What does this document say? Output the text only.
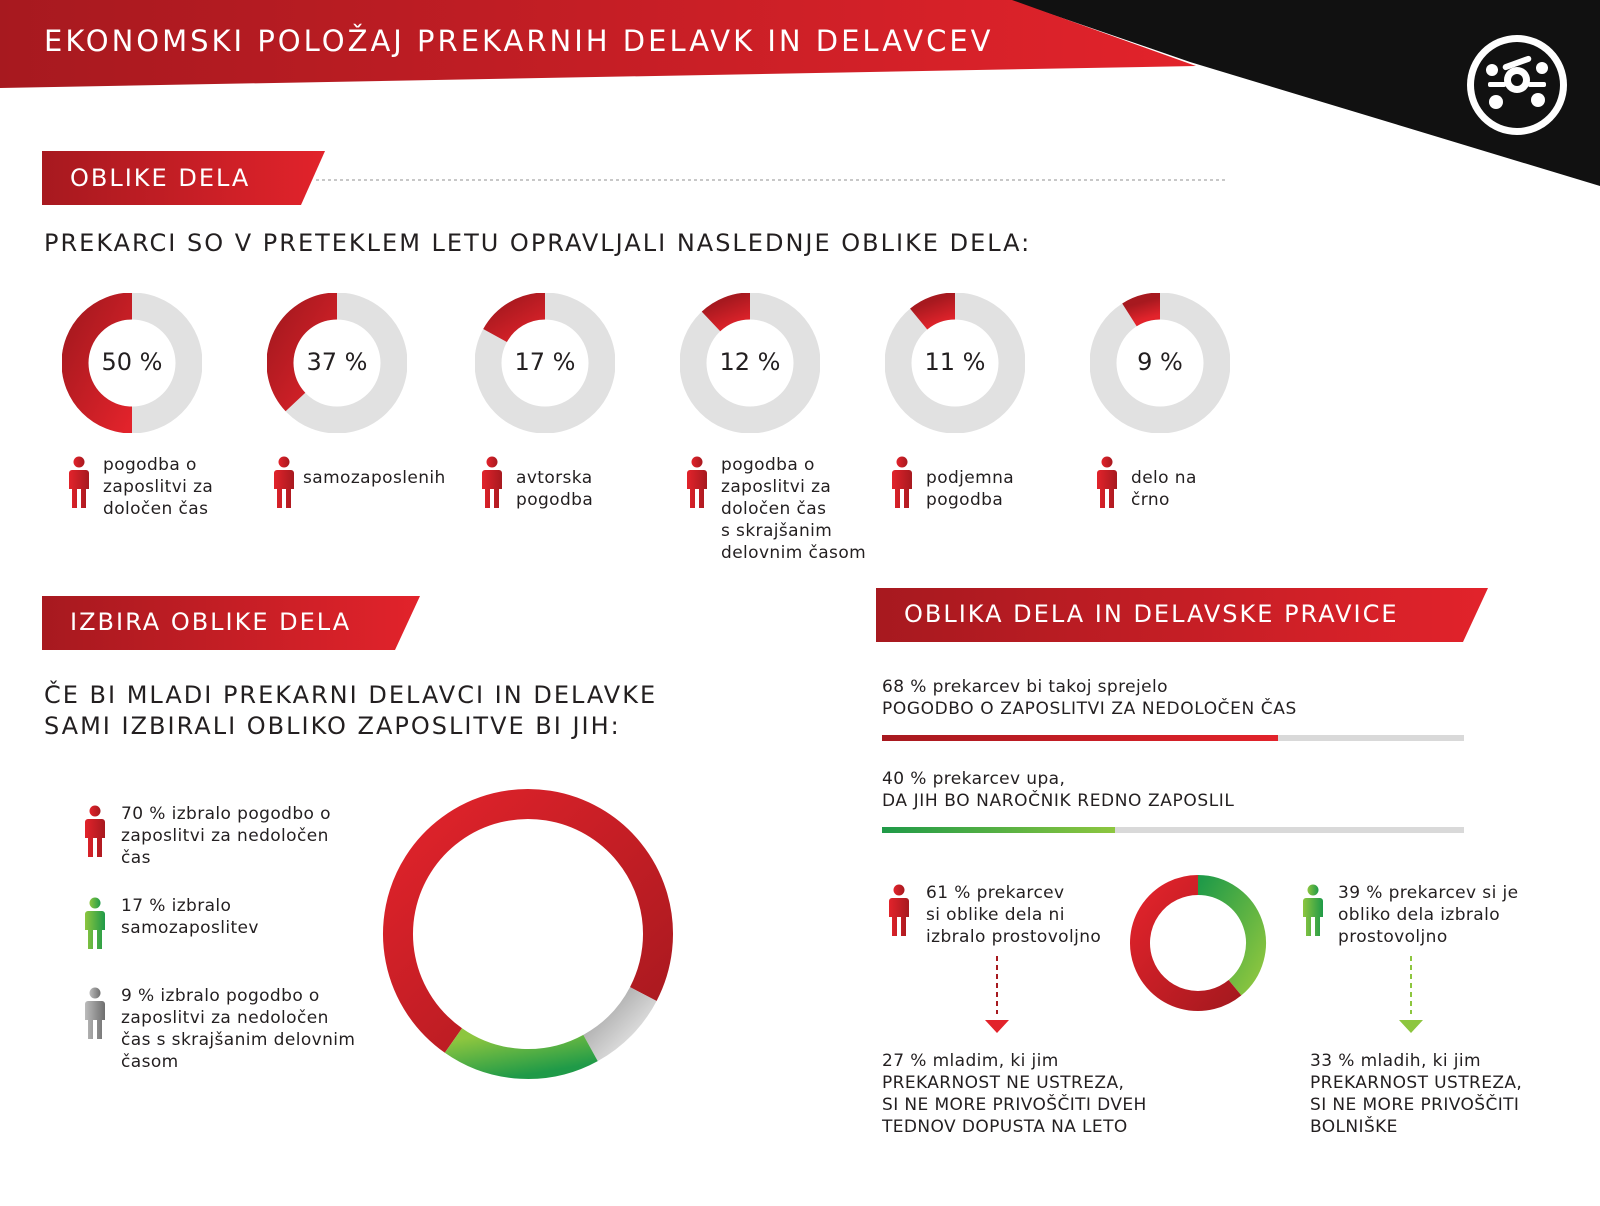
EKONOMSKI POLOŽAJ PREKARNIH DELAVK IN DELAVCEV
OBLIKE DELA
PREKARCI SO V PRETEKLEM LETU OPRAVLJALI NASLEDNJE OBLIKE DELA:
50 %
pogodba o
zaposlitvi za
določen čas
37 %
samozaposlenih
17 %
avtorska
pogodba
12 %
pogodba o
zaposlitvi za
določen čas
s skrajšanim
delovnim časom
11 %
podjemna
pogodba
9 %
delo na
črno
IZBIRA OBLIKE DELA
ČE BI MLADI PREKARNI DELAVCI IN DELAVKE
SAMI IZBIRALI OBLIKO ZAPOSLITVE BI JIH:
70 % izbralo pogodbo o
zaposlitvi za nedoločen
čas
17 % izbralo
samozaposlitev
9 % izbralo pogodbo o
zaposlitvi za nedoločen
čas s skrajšanim delovnim
časom
OBLIKA DELA IN DELAVSKE PRAVICE
68 % prekarcev bi takoj sprejelo
POGODBO O ZAPOSLITVI ZA NEDOLOČEN ČAS
40 % prekarcev upa,
DA JIH BO NAROČNIK REDNO ZAPOSLIL
61 % prekarcev
si oblike dela ni
izbralo prostovoljno
27 % mladim, ki jim
PREKARNOST NE USTREZA,
SI NE MORE PRIVOŠČITI DVEH
TEDNOV DOPUSTA NA LETO
39 % prekarcev si je
obliko dela izbralo
prostovoljno
33 % mladih, ki jim
PREKARNOST USTREZA,
SI NE MORE PRIVOŠČITI
BOLNIŠKE
